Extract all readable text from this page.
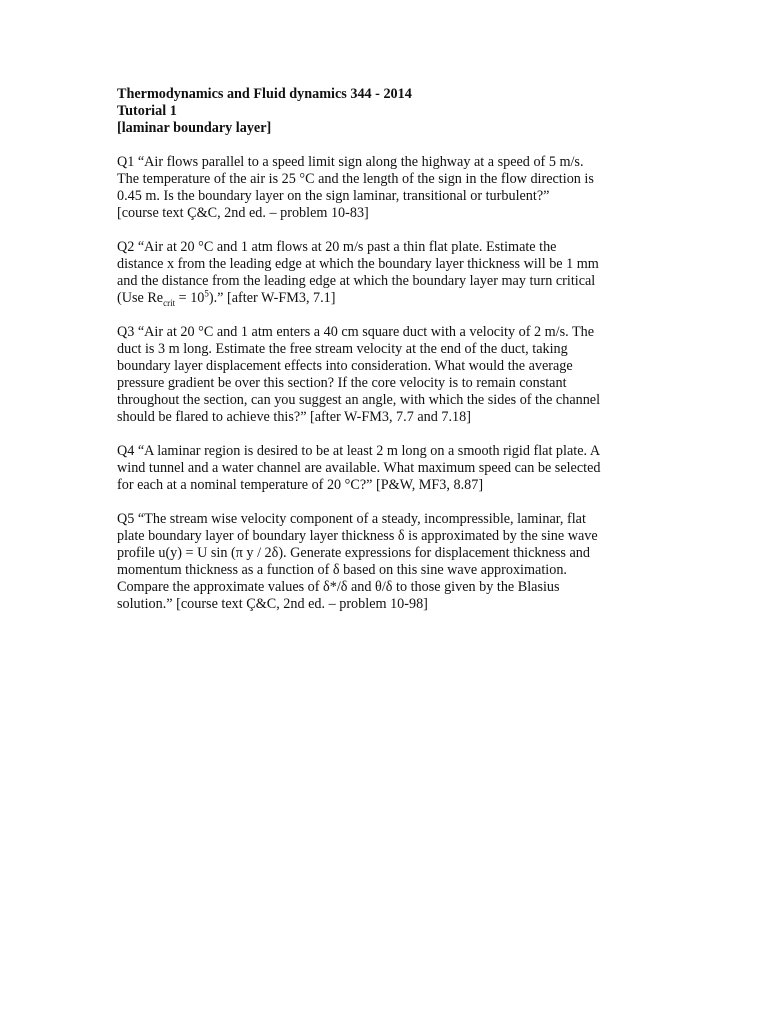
Thermodynamics and Fluid dynamics 344 - 2014

Tutorial 1

[laminar boundary layer]

Q1 “Air flows parallel to a speed limit sign along the highway at a speed of 5 m/s.

The temperature of the air is 25 °C and the length of the sign in the flow direction is

0.45 m. Is the boundary layer on the sign laminar, transitional or turbulent?”

[course text Ç&C, 2nd ed. – problem 10-83]

Q2 “Air at 20 °C and 1 atm flows at 20 m/s past a thin flat plate. Estimate the

distance x from the leading edge at which the boundary layer thickness will be 1 mm

and the distance from the leading edge at which the boundary layer may turn critical

(Use $Re_{crit} = 10^5$).” [after W-FM3, 7.1]

Q3 “Air at 20 °C and 1 atm enters a 40 cm square duct with a velocity of 2 m/s. The

duct is 3 m long. Estimate the free stream velocity at the end of the duct, taking

boundary layer displacement effects into consideration. What would the average

pressure gradient be over this section? If the core velocity is to remain constant

throughout the section, can you suggest an angle, with which the sides of the channel

should be flared to achieve this?” [after W-FM3, 7.7 and 7.18]

Q4 “A laminar region is desired to be at least 2 m long on a smooth rigid flat plate. A

wind tunnel and a water channel are available. What maximum speed can be selected

for each at a nominal temperature of 20 °C?” [P&W, MF3, 8.87]

Q5 “The stream wise velocity component of a steady, incompressible, laminar, flat

plate boundary layer of boundary layer thickness δ is approximated by the sine wave

profile u(y) = U sin (π y / 2δ). Generate expressions for displacement thickness and

momentum thickness as a function of δ based on this sine wave approximation.

Compare the approximate values of δ*/δ and θ/δ to those given by the Blasius

solution.” [course text Ç&C, 2nd ed. – problem 10-98]
